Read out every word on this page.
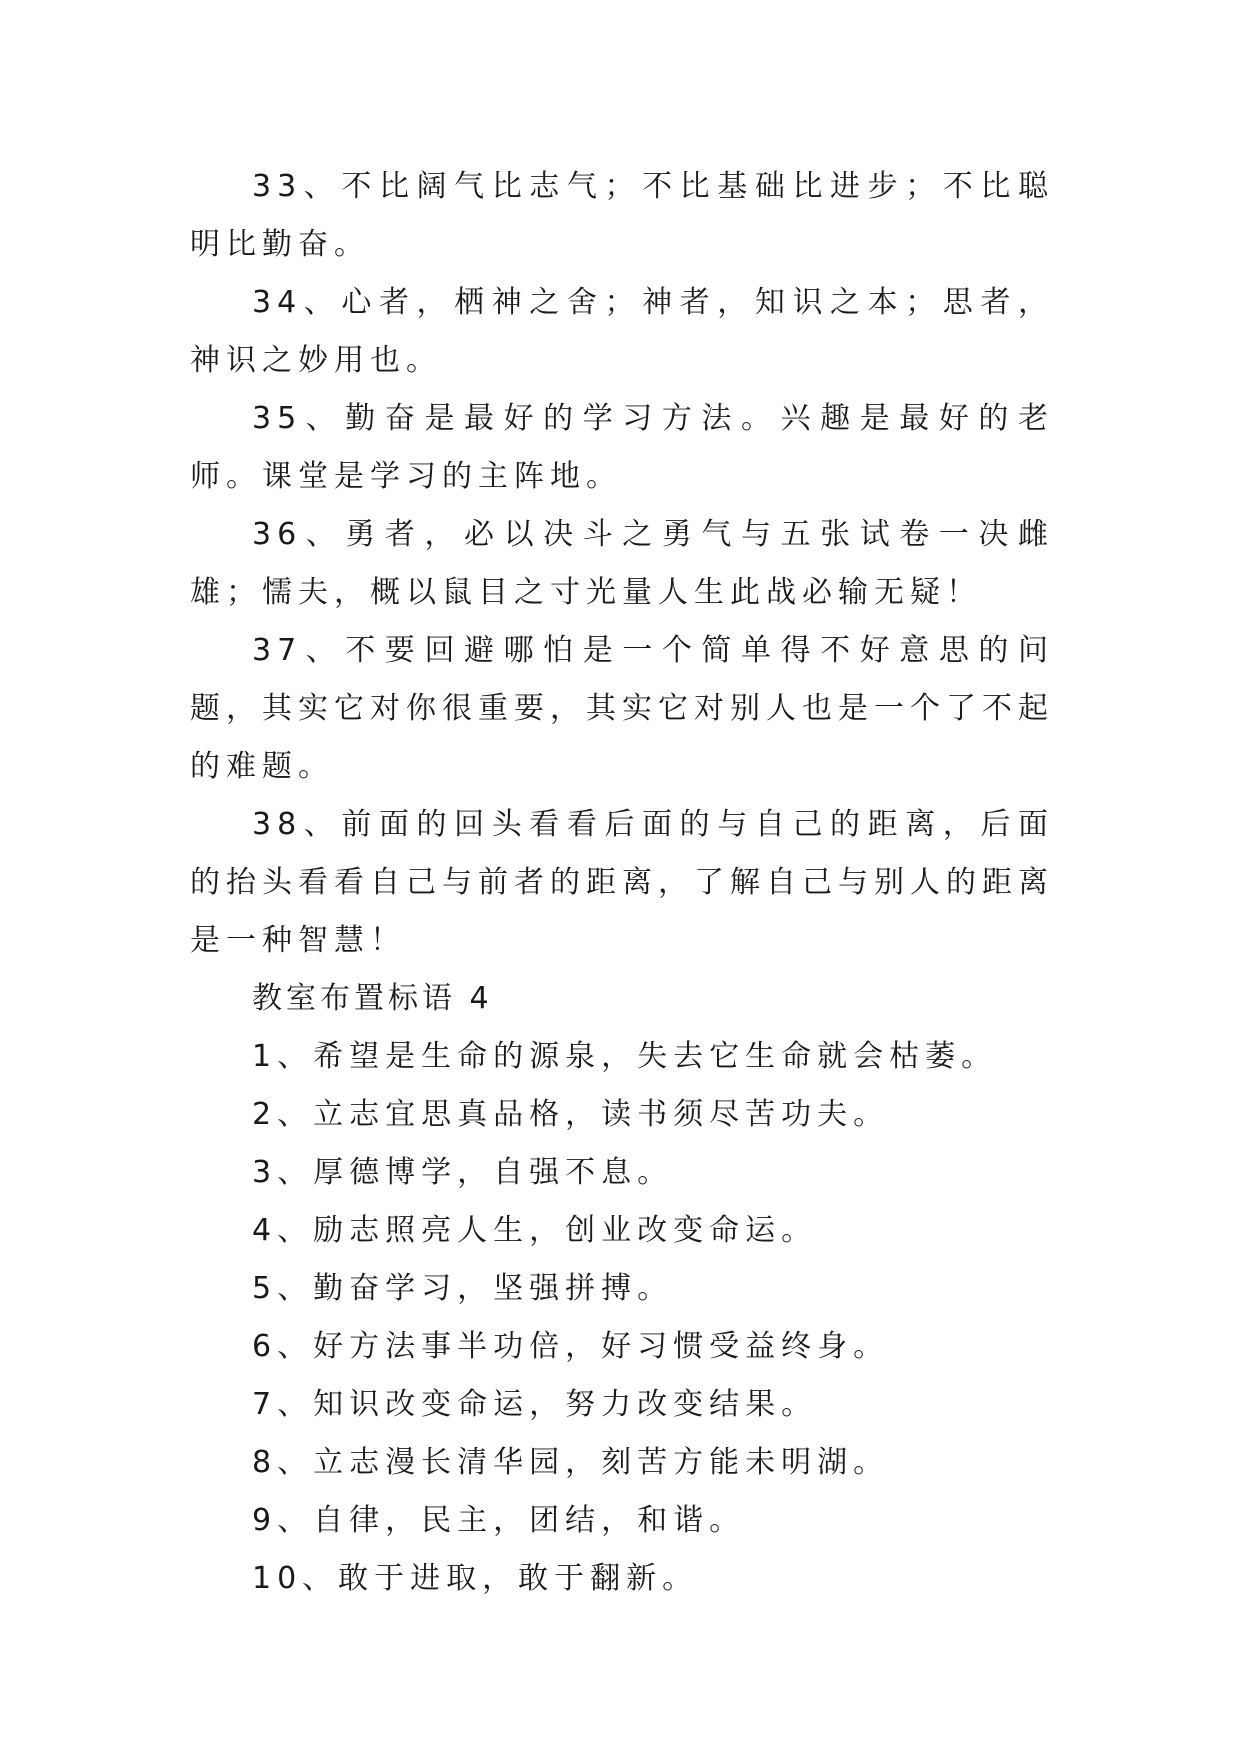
33、不比阔气比志气；不比基础比进步；不比聪明比勤奋。

34、心者，栖神之舍；神者，知识之本；思者，神识之妙用也。

35、勤奋是最好的学习方法。兴趣是最好的老师。课堂是学习的主阵地。

36、勇者，必以决斗之勇气与五张试卷一决雌雄；懦夫，概以鼠目之寸光量人生此战必输无疑！

37、不要回避哪怕是一个简单得不好意思的问题，其实它对你很重要，其实它对别人也是一个了不起的难题。

38、前面的回头看看后面的与自己的距离，后面的抬头看看自己与前者的距离，了解自己与别人的距离是一种智慧！

教室布置标语 4

1、希望是生命的源泉，失去它生命就会枯萎。

2、立志宜思真品格，读书须尽苦功夫。

3、厚德博学，自强不息。

4、励志照亮人生，创业改变命运。

5、勤奋学习，坚强拼搏。

6、好方法事半功倍，好习惯受益终身。

7、知识改变命运，努力改变结果。

8、立志漫长清华园，刻苦方能未明湖。

9、自律，民主，团结，和谐。

10、敢于进取，敢于翻新。
